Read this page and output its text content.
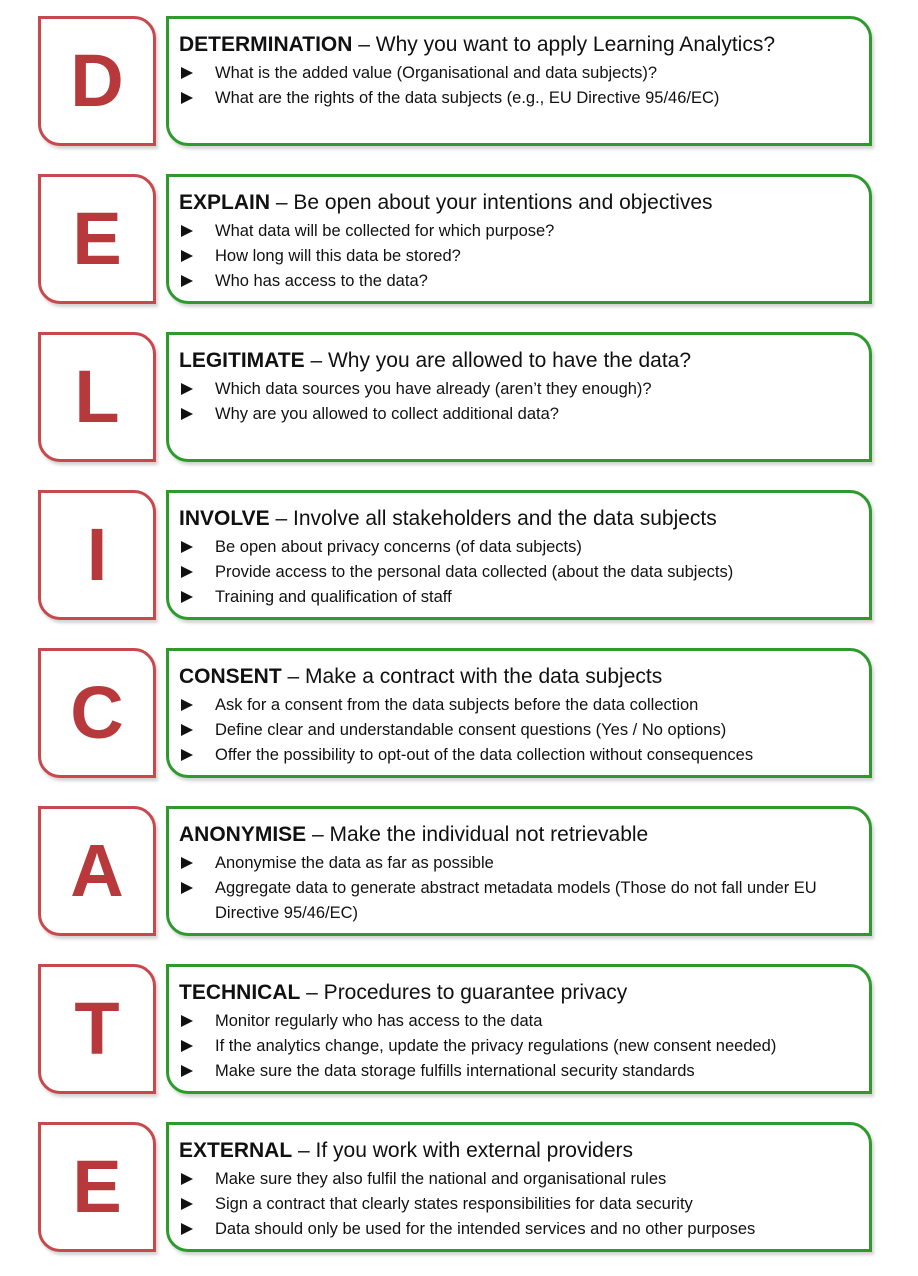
D	DETERMINATION – Why you want to apply Learning Analytics?
What is the added value (Organisational and data subjects)?
What are the rights of the data subjects (e.g., EU Directive 95/46/EC)
E	EXPLAIN – Be open about your intentions and objectives
What data will be collected for which purpose?
How long will this data be stored?
Who has access to the data?
L	LEGITIMATE – Why you are allowed to have the data?
Which data sources you have already (aren’t they enough)?
Why are you allowed to collect additional data?
I	INVOLVE – Involve all stakeholders and the data subjects
Be open about privacy concerns (of data subjects)
Provide access to the personal data collected (about the data subjects)
Training and qualification of staff
C	CONSENT – Make a contract with the data subjects
Ask for a consent from the data subjects before the data collection
Define clear and understandable consent questions (Yes / No options)
Offer the possibility to opt-out of the data collection without consequences
A	ANONYMISE – Make the individual not retrievable
Anonymise the data as far as possible
Aggregate data to generate abstract metadata models (Those do not fall under EU Directive 95/46/EC)
T	TECHNICAL – Procedures to guarantee privacy
Monitor regularly who has access to the data
If the analytics change, update the privacy regulations (new consent needed)
Make sure the data storage fulfills international security standards
E	EXTERNAL – If you work with external providers
Make sure they also fulfil the national and organisational rules
Sign a contract that clearly states responsibilities for data security
Data should only be used for the intended services and no other purposes
